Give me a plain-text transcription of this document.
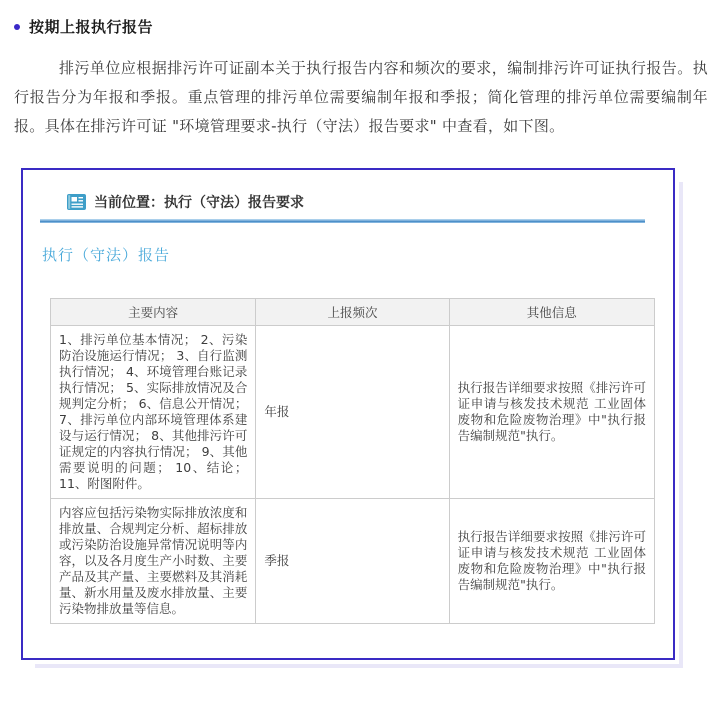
按期上报执行报告

排污单位应根据排污许可证副本关于执行报告内容和频次的要求，编制排污许可证执行报告。执行报告分为年报和季报。重点管理的排污单位需要编制年报和季报；简化管理的排污单位需要编制年报。具体在排污许可证 "环境管理要求-执行（守法）报告要求" 中查看，如下图。

当前位置：执行（守法）报告要求
执行（守法）报告
主要内容	上报频次	其他信息
1、排污单位基本情况； 2、污染防治设施运行情况； 3、自行监测执行情况； 4、环境管理台账记录执行情况； 5、实际排放情况及合规判定分析； 6、信息公开情况； 7、排污单位内部环境管理体系建设与运行情况； 8、其他排污许可证规定的内容执行情况； 9、其他需要说明的问题； 10、结论； 11、附图附件。	年报	执行报告详细要求按照《排污许可证申请与核发技术规范 工业固体废物和危险废物治理》中"执行报告编制规范"执行。
内容应包括污染物实际排放浓度和排放量、合规判定分析、超标排放或污染防治设施异常情况说明等内容，以及各月度生产小时数、主要产品及其产量、主要燃料及其消耗量、新水用量及废水排放量、主要污染物排放量等信息。	季报	执行报告详细要求按照《排污许可证申请与核发技术规范 工业固体废物和危险废物治理》中"执行报告编制规范"执行。
